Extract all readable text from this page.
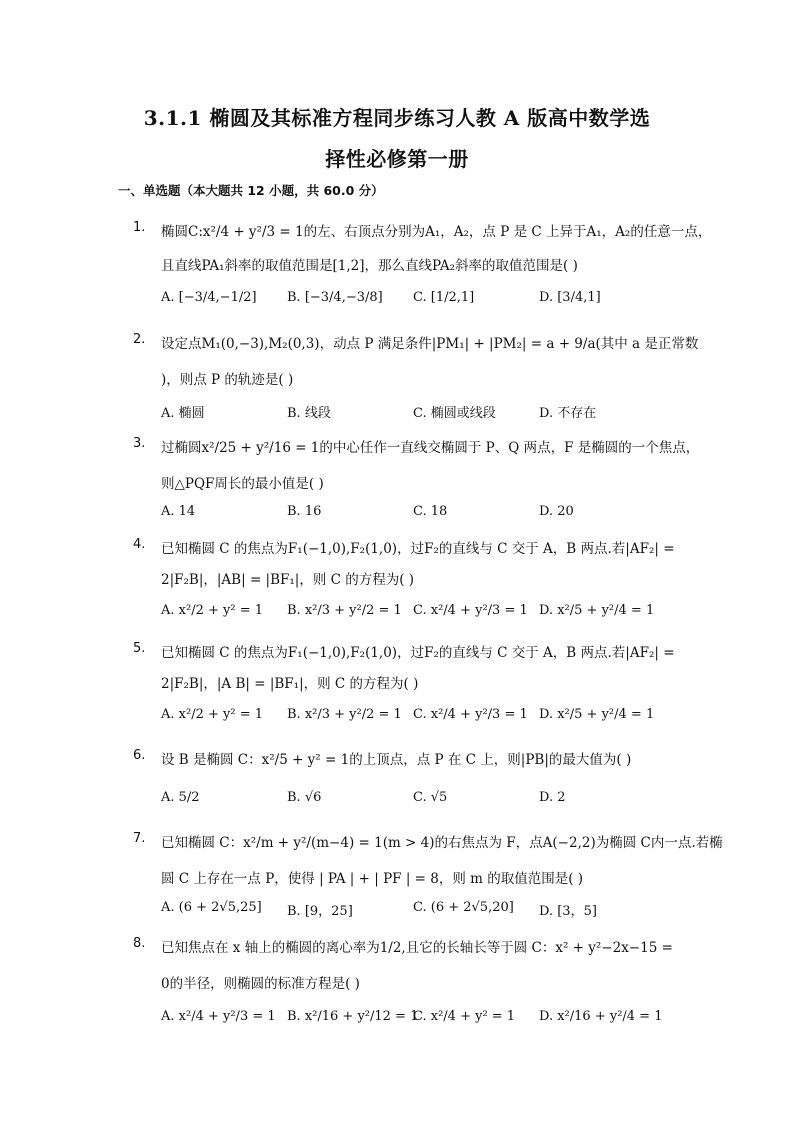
3.1.1 椭圆及其标准方程同步练习人教 A 版高中数学选
择性必修第一册
一、单选题（本大题共 12 小题，共 60.0 分）
1.	椭圆C:x²/4 + y²/3 = 1的左、右顶点分别为A₁，A₂，点 P 是 C 上异于A₁，A₂的任意一点，
且直线PA₁斜率的取值范围是[1,2]，那么直线PA₂斜率的取值范围是( )
A. [−3/4,−1/2] B. [−3/4,−3/8] C. [1/2,1]	D. [3/4,1]
2.	设定点M₁(0,−3),M₂(0,3)，动点 P 满足条件|PM₁| + |PM₂| = a + 9/a(其中 a 是正常数
)，则点 P 的轨迹是( )
A. 椭圆	B. 线段	C. 椭圆或线段	D. 不存在
3.	过椭圆x²/25 + y²/16 = 1的中心任作一直线交椭圆于 P、Q 两点，F 是椭圆的一个焦点，
则△PQF周长的最小值是( )
A. 14	B. 16	C. 18	D. 20
4.	已知椭圆 C 的焦点为F₁(−1,0),F₂(1,0)，过F₂的直线与 C 交于 A，B 两点.若|AF₂| =
2|F₂B|，|AB| = |BF₁|，则 C 的方程为( )
A. x²/2 + y² = 1 B. x²/3 + y²/2 = 1 C. x²/4 + y²/3 = 1 D. x²/5 + y²/4 = 1
5.	已知椭圆 C 的焦点为F₁(−1,0),F₂(1,0)，过F₂的直线与 C 交于 A，B 两点.若|AF₂| =
2|F₂B|，|A B| = |BF₁|，则 C 的方程为( )
A. x²/2 + y² = 1 B. x²/3 + y²/2 = 1 C. x²/4 + y²/3 = 1 D. x²/5 + y²/4 = 1
6.	设 B 是椭圆 C：x²/5 + y² = 1的上顶点，点 P 在 C 上，则|PB|的最大值为( )
A. 5/2	B. √6	C. √5	D. 2
7.	已知椭圆 C：x²/m + y²/(m−4) = 1(m > 4)的右焦点为 F，点A(−2,2)为椭圆 C内一点.若椭
圆 C 上存在一点 P，使得 | PA | + | PF | = 8，则 m 的取值范围是( )
A. (6 + 2√5,25] B. [9，25]	C. (6 + 2√5,20] D. [3，5]
8.	已知焦点在 x 轴上的椭圆的离心率为1/2,且它的长轴长等于圆 C：x² + y²−2x−15 =
0的半径，则椭圆的标准方程是( )
A. x²/4 + y²/3 = 1 B. x²/16 + y²/12 = 1
C. x²/4 + y² = 1 D. x²/16 + y²/4 = 1
